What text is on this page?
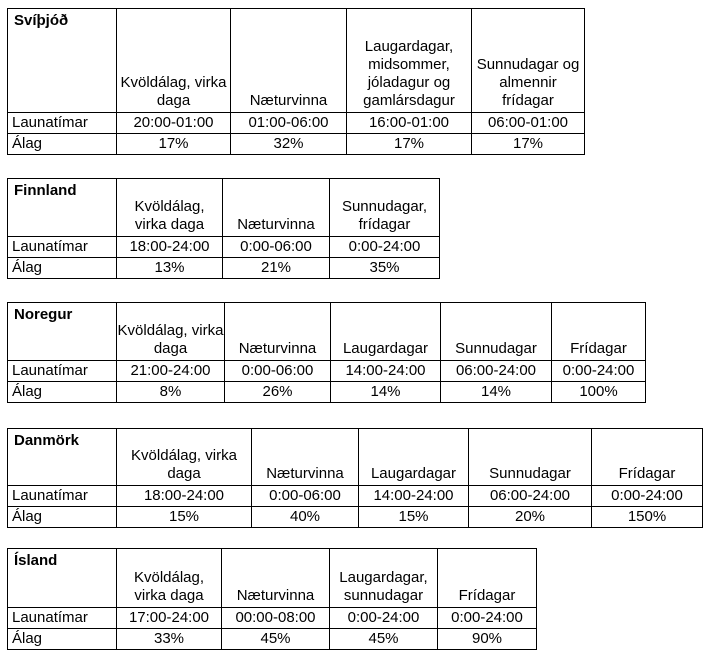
Svíþjóð	Kvöldálag, virka daga	Næturvinna	Laugardagar, midsommer, jóladagur og gamlársdagur	Sunnudagar og almennir frídagar
Launatímar	20:00-01:00	01:00-06:00	16:00-01:00	06:00-01:00
Álag	17%	32%	17%	17%
Finnland	Kvöldálag, virka daga	Næturvinna	Sunnudagar, frídagar
Launatímar	18:00-24:00	0:00-06:00	0:00-24:00
Álag	13%	21%	35%
Noregur	Kvöldálag, virka daga	Næturvinna	Laugardagar	Sunnudagar	Frídagar
Launatímar	21:00-24:00	0:00-06:00	14:00-24:00	06:00-24:00	0:00-24:00
Álag	8%	26%	14%	14%	100%
Danmörk	Kvöldálag, virka daga	Næturvinna	Laugardagar	Sunnudagar	Frídagar
Launatímar	18:00-24:00	0:00-06:00	14:00-24:00	06:00-24:00	0:00-24:00
Álag	15%	40%	15%	20%	150%
Ísland	Kvöldálag, virka daga	Næturvinna	Laugardagar, sunnudagar	Frídagar
Launatímar	17:00-24:00	00:00-08:00	0:00-24:00	0:00-24:00
Álag	33%	45%	45%	90%
